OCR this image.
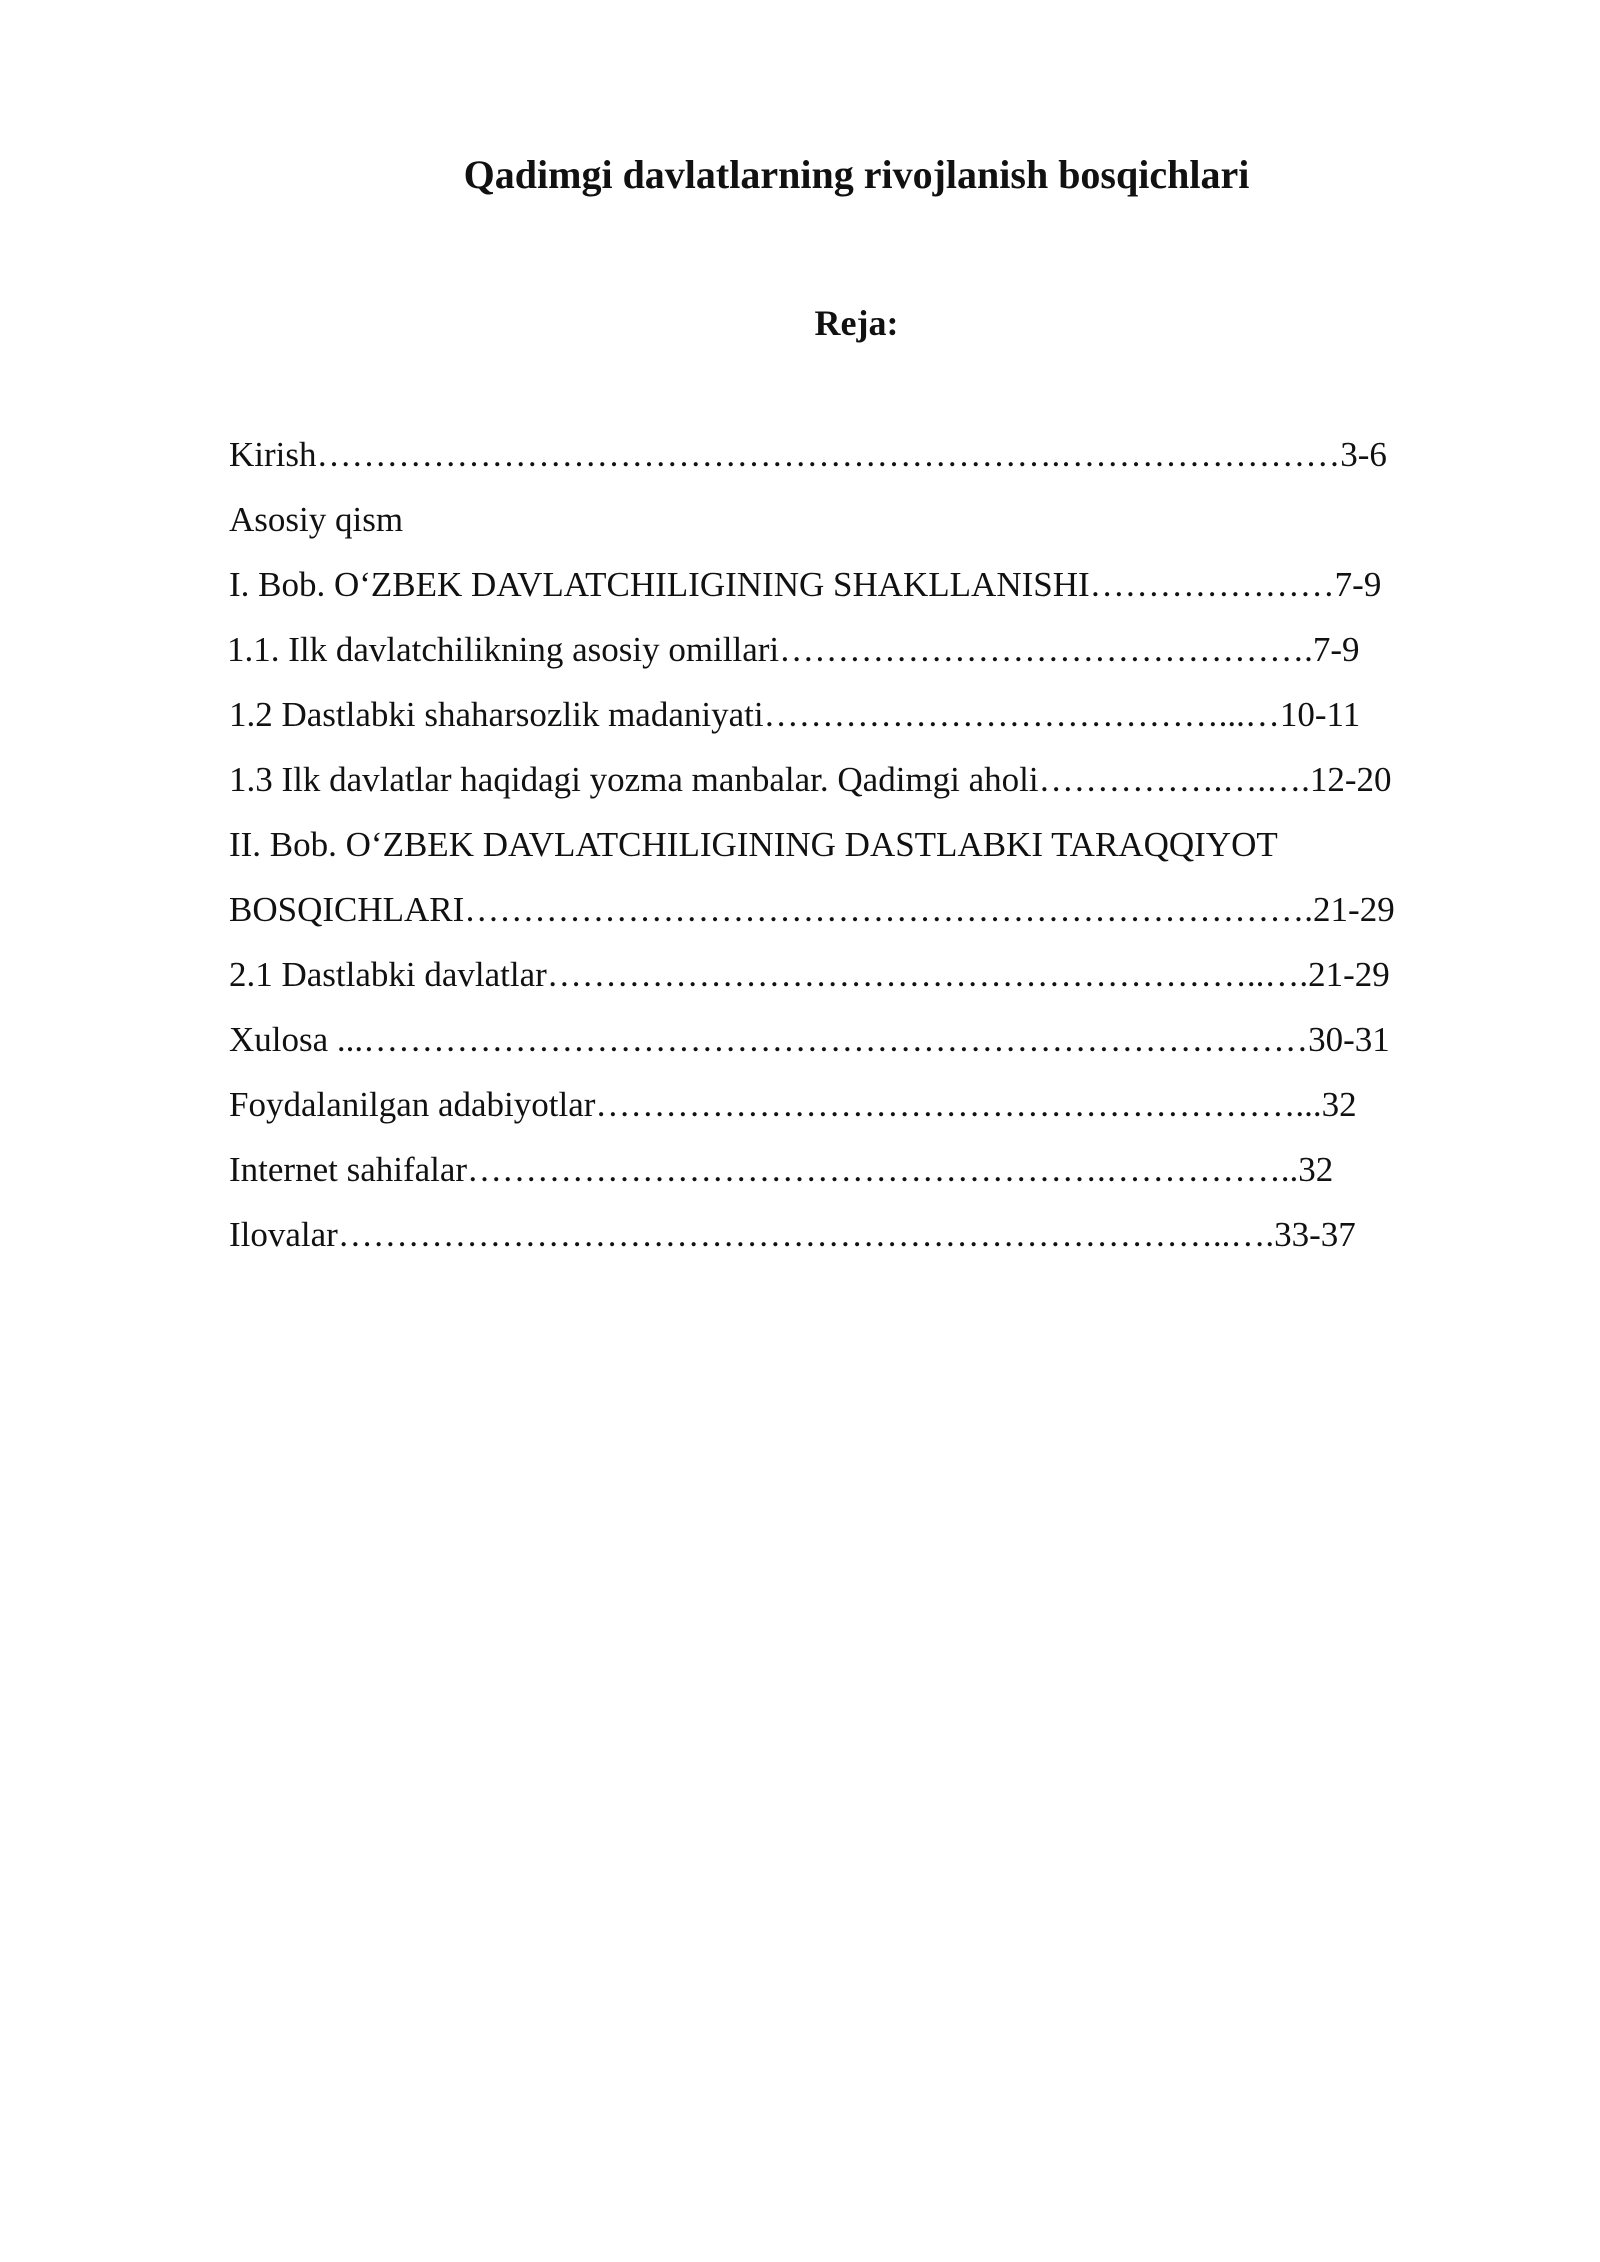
Qadimgi davlatlarning rivojlanish bosqichlari
Reja:
Kirish……………………………………………………….……………………3-6
Asosiy qism
I. Bob. O‘ZBEK DAVLATCHILIGINING SHAKLLANISHI…………………7-9
1.1. Ilk davlatchilikning asosiy omillari……………………………………….7-9
1.2 Dastlabki shaharsozlik madaniyati…………………………………...…10-11
1.3 Ilk davlatlar haqidagi yozma manbalar. Qadimgi aholi…………….….….12-20
II. Bob. O‘ZBEK DAVLATCHILIGINING DASTLABKI TARAQQIYOT
BOSQICHLARI……………………………………………………………….21-29
2.1 Dastlabki davlatlar……………………………………………………..….21-29
Xulosa ...………………………………………………………………………30-31
Foydalanilgan adabiyotlar……………………………………………………...32
Internet sahifalar……………………………………………….……………..32
Ilovalar…………………………………………………………………..….33-37
